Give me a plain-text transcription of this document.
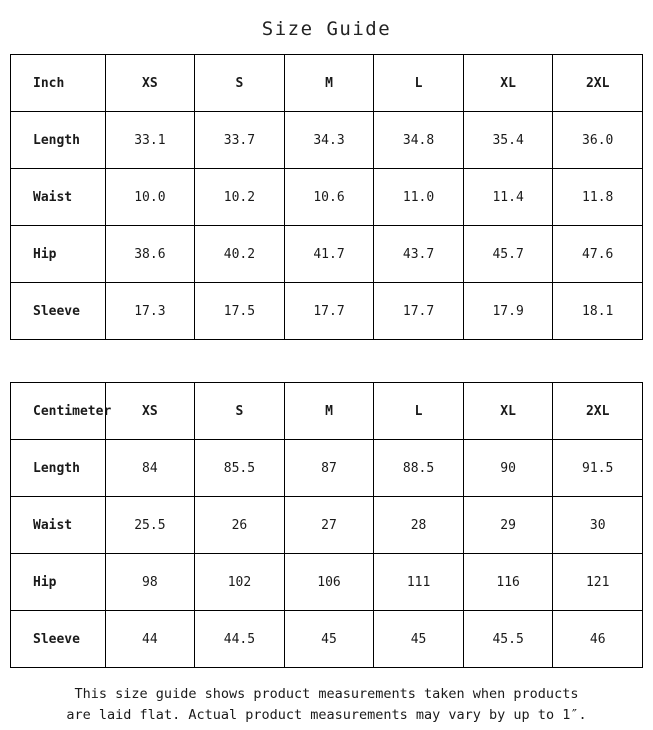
Size Guide
Inch	XS	S	M	L	XL	2XL
Length	33.1	33.7	34.3	34.8	35.4	36.0
Waist	10.0	10.2	10.6	11.0	11.4	11.8
Hip	38.6	40.2	41.7	43.7	45.7	47.6
Sleeve	17.3	17.5	17.7	17.7	17.9	18.1
Centimeter	XS	S	M	L	XL	2XL
Length	84	85.5	87	88.5	90	91.5
Waist	25.5	26	27	28	29	30
Hip	98	102	106	111	116	121
Sleeve	44	44.5	45	45	45.5	46
This size guide shows product measurements taken when products
are laid flat. Actual product measurements may vary by up to 1″.
